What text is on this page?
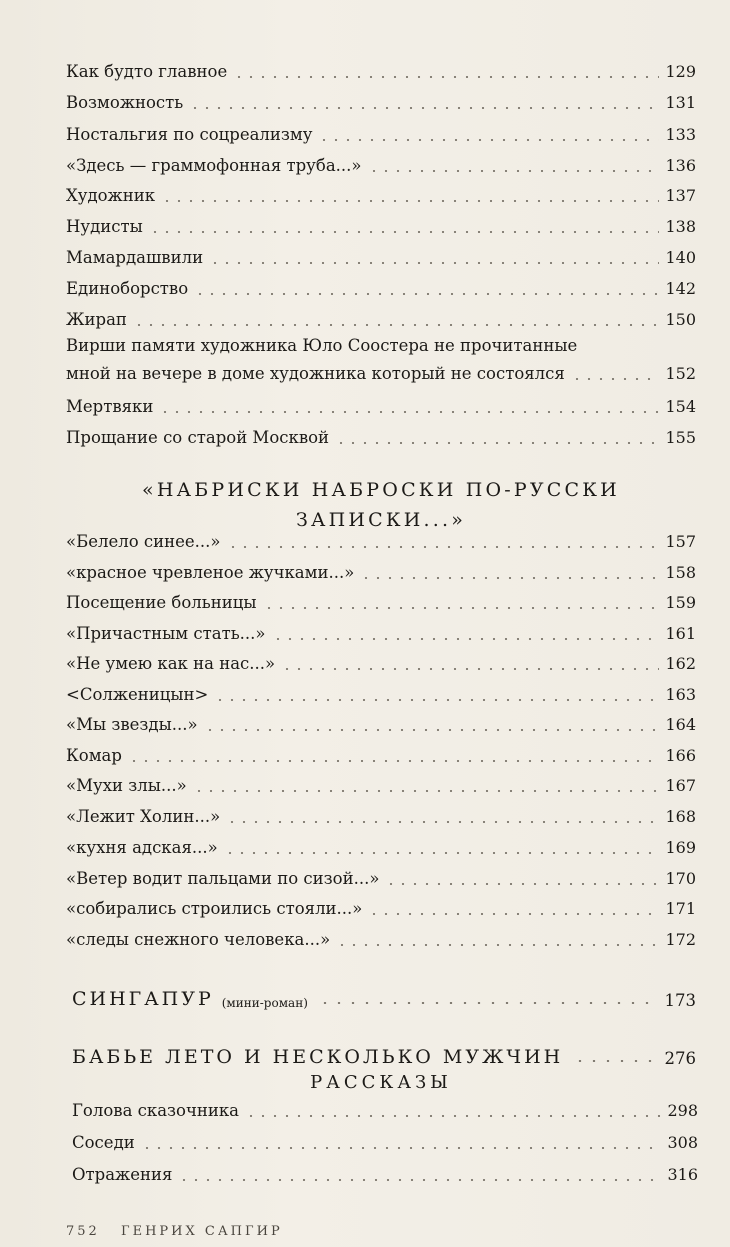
Как будто главное	129
Возможность	131
Ностальгия по соцреализму	133
«Здесь — граммофонная труба...»	136
Художник	137
Нудисты	138
Мамардашвили	140
Единоборство	142
Жирап	150
Вирши памяти художника Юло Соостера не прочитанные
мной на вечере в доме художника который не состоялся	152
Мертвяки	154
Прощание со старой Москвой	155
«НАБРИСКИ НАБРОСКИ ПО-РУССКИ
ЗАПИСКИ...»
«Белело синее...»	157
«красное чревленое жучками...»	158
Посещение больницы	159
«Причастным стать...»	161
«Не умею как на нас...»	162
<Солженицын>	163
«Мы звезды...»	164
Комар	166
«Мухи злы...»	167
«Лежит Холин...»	168
«кухня адская...»	169
«Ветер водит пальцами по сизой...»	170
«собирались строились стояли...»	171
«следы снежного человека...»	172
СИНГАПУР (мини-роман)	173
БАБЬЕ ЛЕТО И НЕСКОЛЬКО МУЖЧИН	276
РАССКАЗЫ
Голова сказочника	298
Соседи	308
Отражения	316
752 ГЕНРИХ САПГИР
